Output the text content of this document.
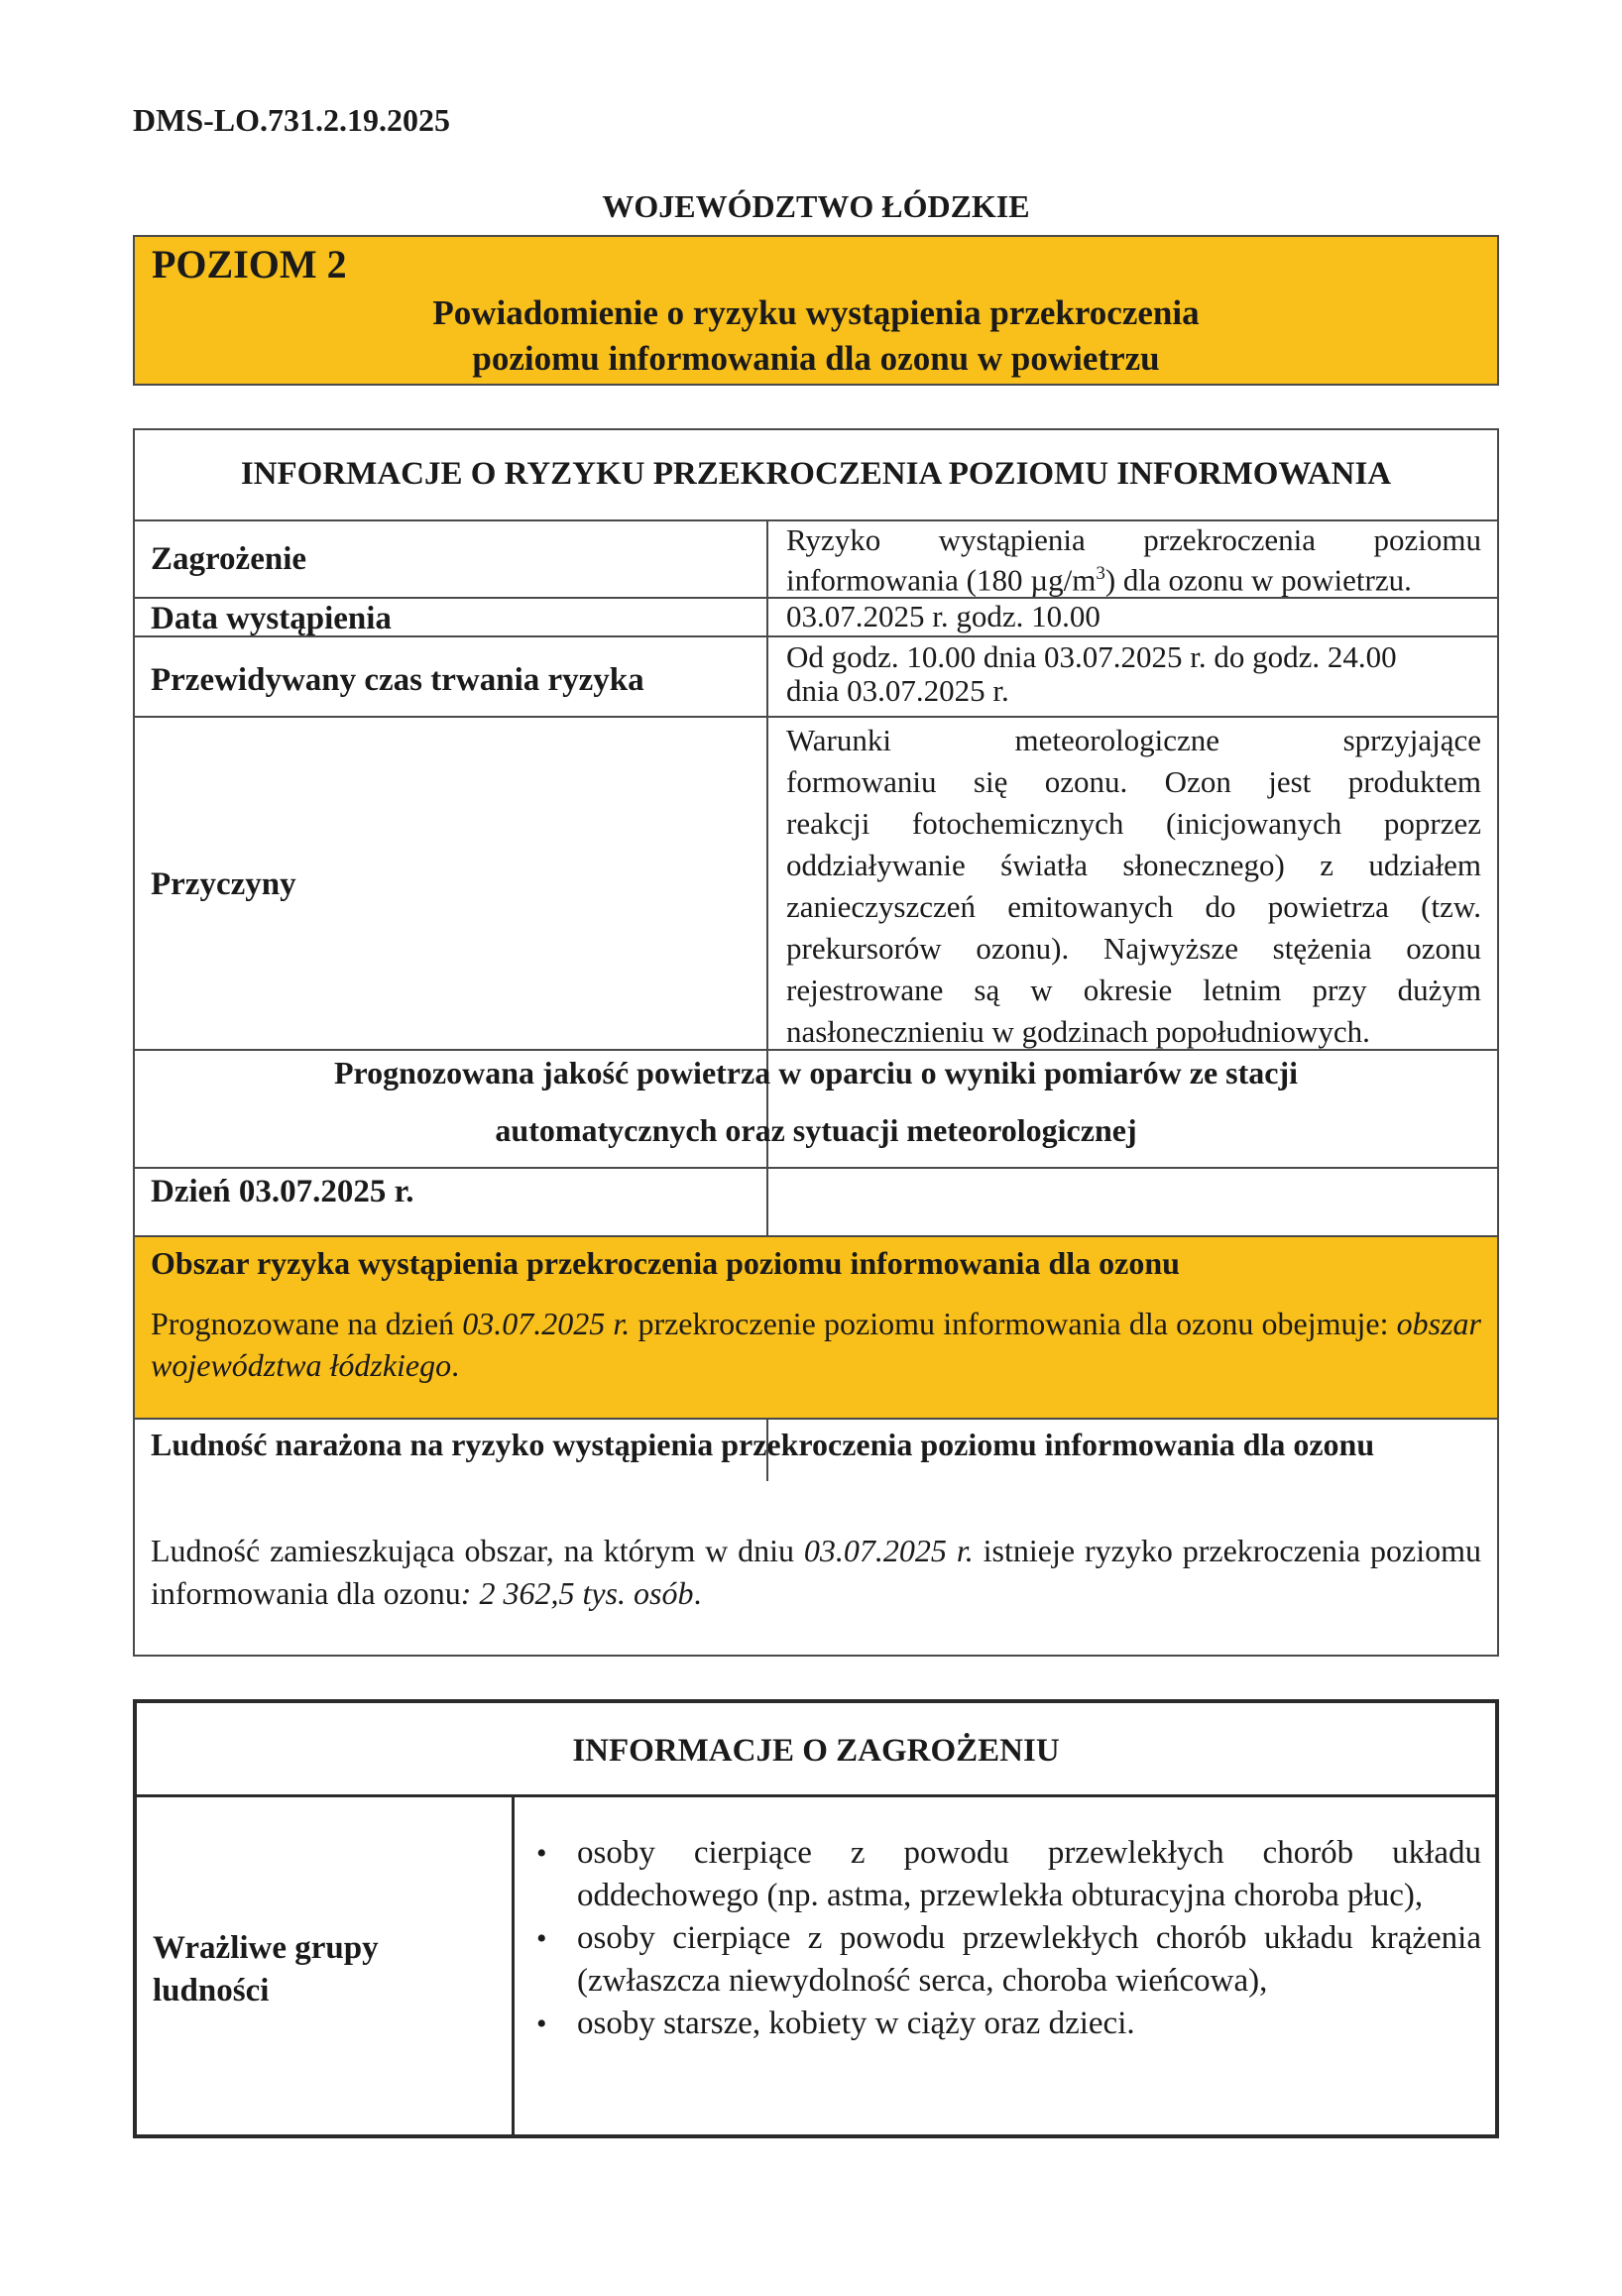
DMS-LO.731.2.19.2025
WOJEWÓDZTWO ŁÓDZKIE
POZIOM 2
Powiadomienie o ryzyku wystąpienia przekroczenia
poziomu informowania dla ozonu w powietrzu
INFORMACJE O RYZYKU PRZEKROCZENIA POZIOMU INFORMOWANIA
Zagrożenie
Ryzyko wystąpienia przekroczenia poziomu
informowania (180 $\mu g/m^3$) dla ozonu w powietrzu.
Data wystąpienia	03.07.2025 r. godz. 10.00
Przewidywany czas trwania ryzyka
Od godz. 10.00 dnia 03.07.2025 r. do godz. 24.00
dnia 03.07.2025 r.
Przyczyny
Warunki meteorologiczne sprzyjające
formowaniu się ozonu. Ozon jest produktem
reakcji fotochemicznych (inicjowanych poprzez
oddziaływanie światła słonecznego) z udziałem
zanieczyszczeń emitowanych do powietrza (tzw.
prekursorów ozonu). Najwyższe stężenia ozonu
rejestrowane są w okresie letnim przy dużym
nasłonecznieniu w godzinach popołudniowych.
Prognozowana jakość powietrza w oparciu o wyniki pomiarów ze stacji
automatycznych oraz sytuacji meteorologicznej
Dzień 03.07.2025 r.
Obszar ryzyka wystąpienia przekroczenia poziomu informowania dla ozonu
Prognozowane na dzień 03.07.2025 r. przekroczenie poziomu informowania dla ozonu obejmuje: obszar województwa łódzkiego.
Ludność narażona na ryzyko wystąpienia przekroczenia poziomu informowania dla ozonu
Ludność zamieszkująca obszar, na którym w dniu 03.07.2025 r. istnieje ryzyko przekroczenia poziomu informowania dla ozonu: 2 362,5 tys. osób.
INFORMACJE O ZAGROŻENIU
Wrażliwe grupy
ludności
• osoby cierpiące z powodu przewlekłych chorób układu oddechowego (np. astma, przewlekła obturacyjna choroba płuc),
• osoby cierpiące z powodu przewlekłych chorób układu krążenia (zwłaszcza niewydolność serca, choroba wieńcowa),
• osoby starsze, kobiety w ciąży oraz dzieci.
